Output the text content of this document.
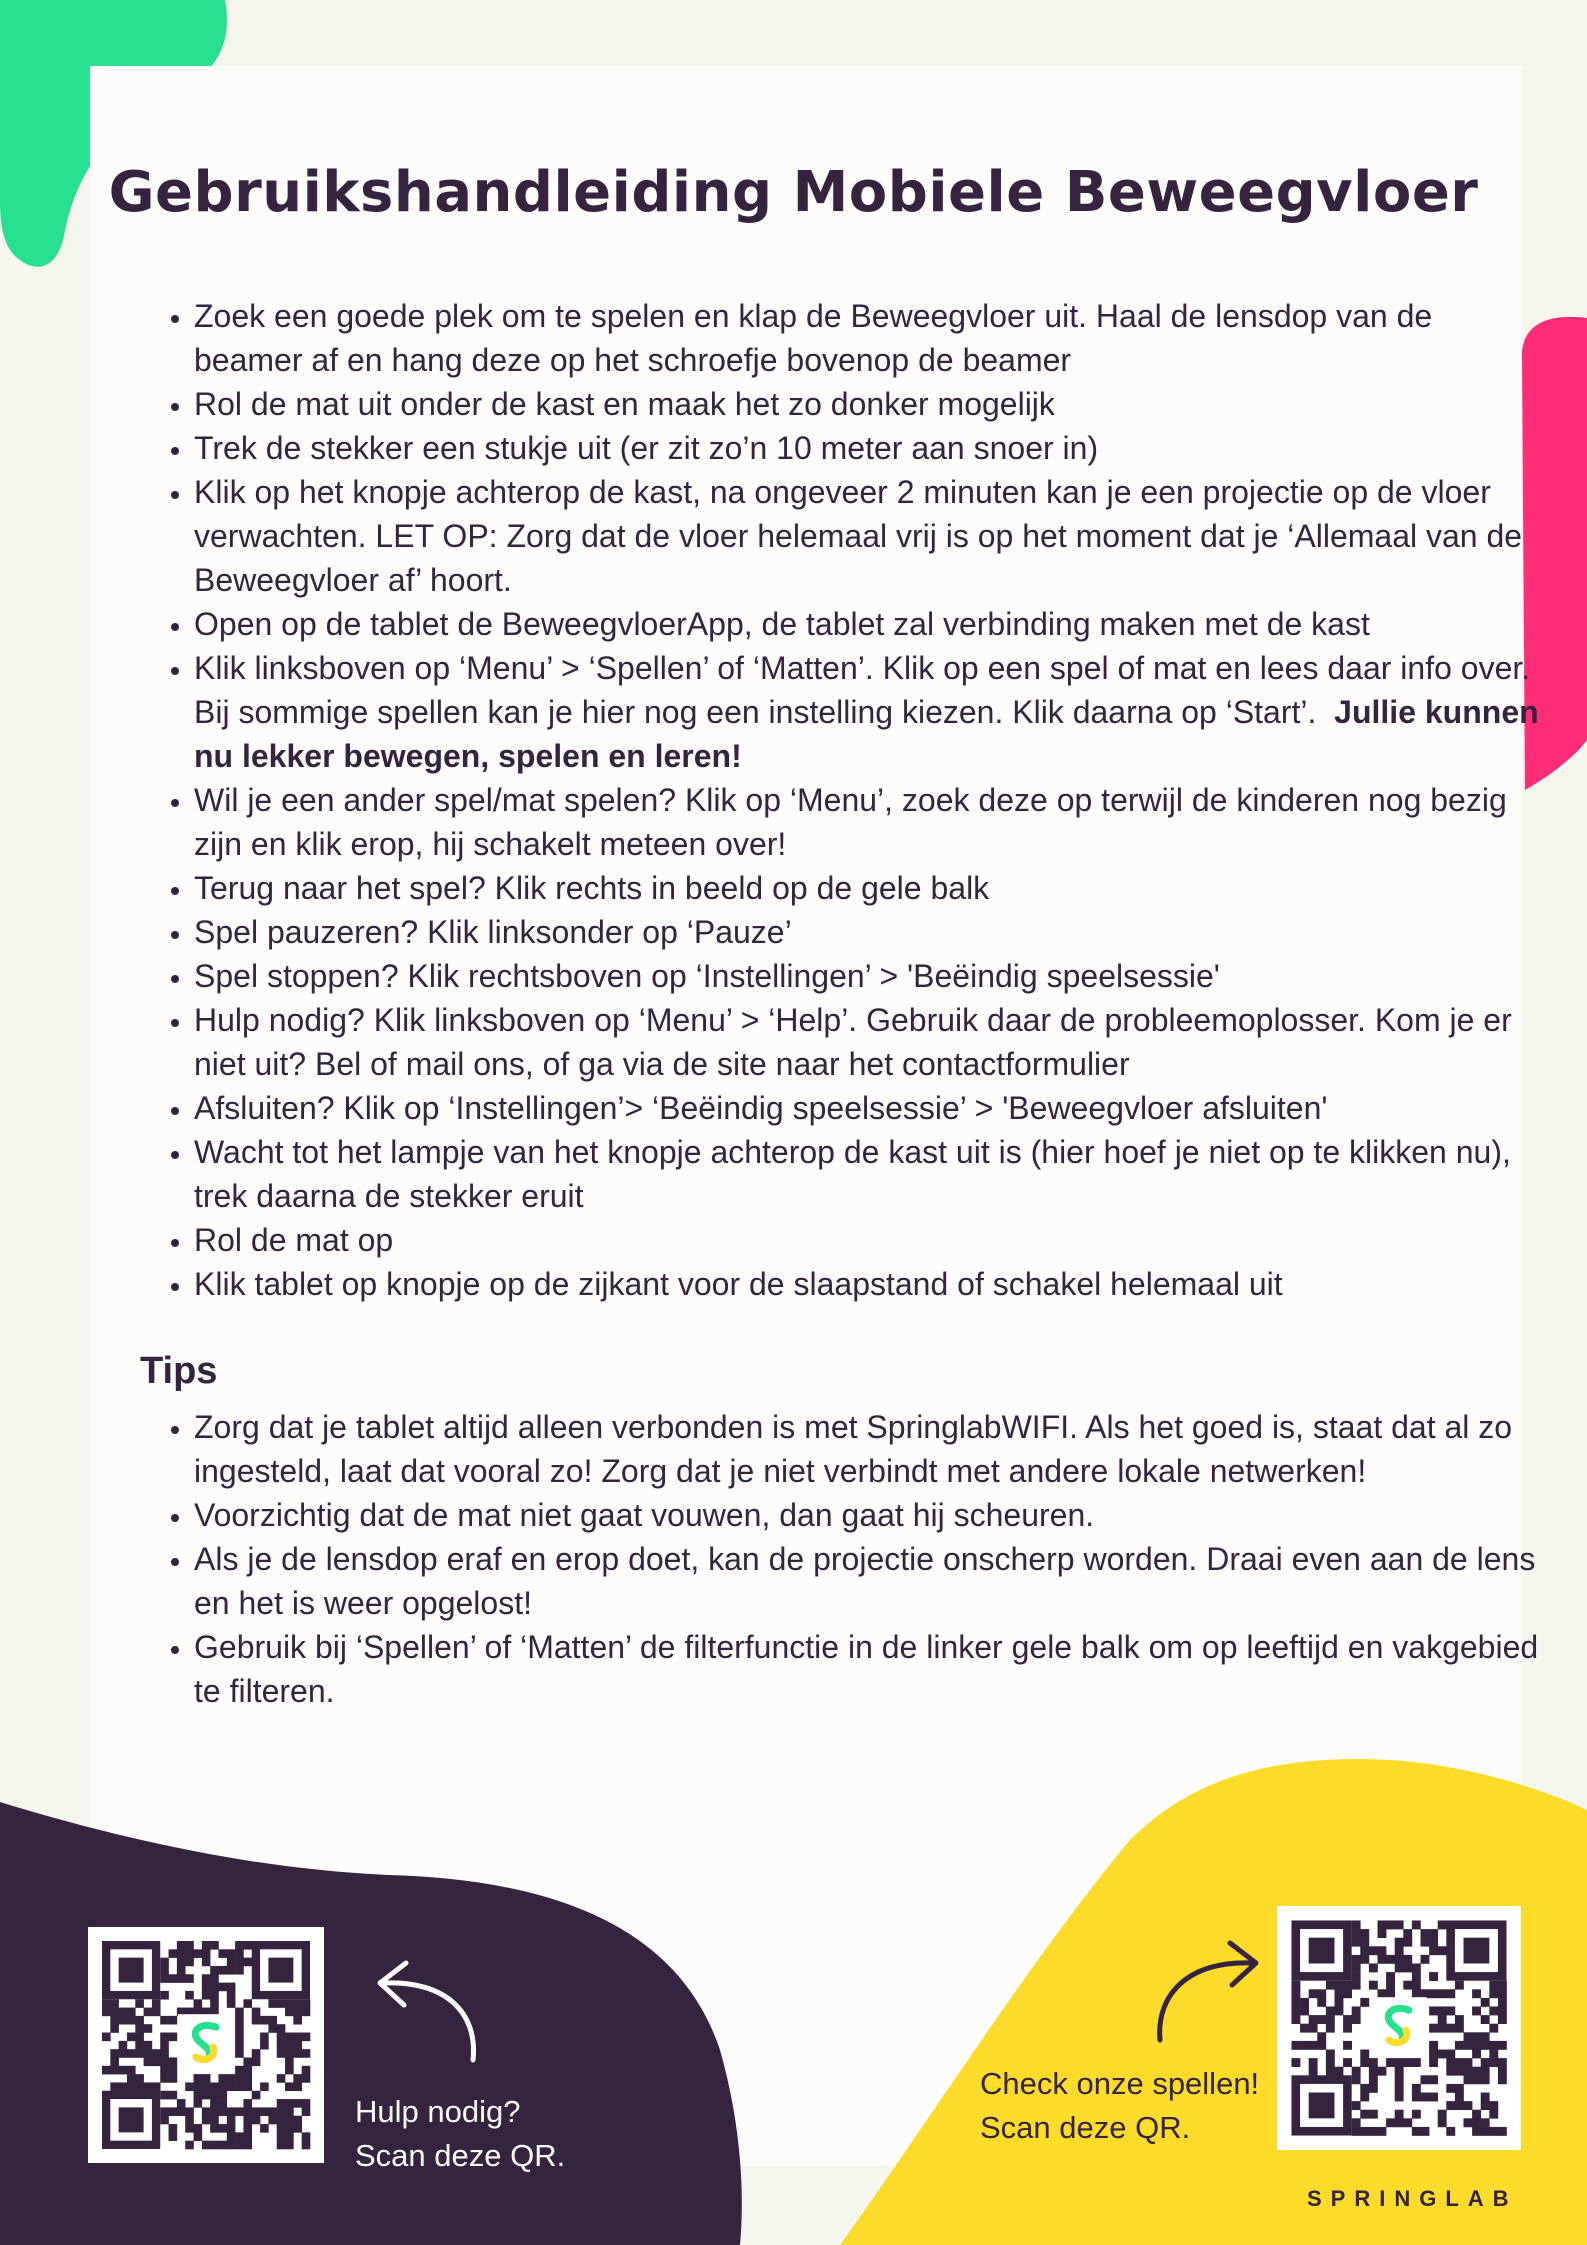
Gebruikshandleiding Mobiele Beweegvloer
• Zoek een goede plek om te spelen en klap de Beweegvloer uit. Haal de lensdop van de beamer af en hang deze op het schroefje bovenop de beamer
• Rol de mat uit onder de kast en maak het zo donker mogelijk
• Trek de stekker een stukje uit (er zit zo’n 10 meter aan snoer in)
• Klik op het knopje achterop de kast, na ongeveer 2 minuten kan je een projectie op de vloer verwachten. LET OP: Zorg dat de vloer helemaal vrij is op het moment dat je ‘Allemaal van de Beweegvloer af’ hoort.
• Open op de tablet de BeweegvloerApp, de tablet zal verbinding maken met de kast
• Klik linksboven op ‘Menu’ > ‘Spellen’ of ‘Matten’. Klik op een spel of mat en lees daar info over. Bij sommige spellen kan je hier nog een instelling kiezen. Klik daarna op ‘Start’. Jullie kunnen nu lekker bewegen, spelen en leren!
• Wil je een ander spel/mat spelen? Klik op ‘Menu’, zoek deze op terwijl de kinderen nog bezig zijn en klik erop, hij schakelt meteen over!
• Terug naar het spel? Klik rechts in beeld op de gele balk
• Spel pauzeren? Klik linksonder op ‘Pauze’
• Spel stoppen? Klik rechtsboven op ‘Instellingen’ > 'Beëindig speelsessie'
• Hulp nodig? Klik linksboven op ‘Menu’ > ‘Help’. Gebruik daar de probleemoplosser. Kom je er niet uit? Bel of mail ons, of ga via de site naar het contactformulier
• Afsluiten? Klik op ‘Instellingen’> ‘Beëindig speelsessie’ > 'Beweegvloer afsluiten'
• Wacht tot het lampje van het knopje achterop de kast uit is (hier hoef je niet op te klikken nu), trek daarna de stekker eruit
• Rol de mat op
• Klik tablet op knopje op de zijkant voor de slaapstand of schakel helemaal uit
Tips
• Zorg dat je tablet altijd alleen verbonden is met SpringlabWIFI. Als het goed is, staat dat al zo ingesteld, laat dat vooral zo! Zorg dat je niet verbindt met andere lokale netwerken!
• Voorzichtig dat de mat niet gaat vouwen, dan gaat hij scheuren.
• Als je de lensdop eraf en erop doet, kan de projectie onscherp worden. Draai even aan de lens en het is weer opgelost!
• Gebruik bij ‘Spellen’ of ‘Matten’ de filterfunctie in de linker gele balk om op leeftijd en vakgebied te filteren.
Hulp nodig?
Scan deze QR.
Check onze spellen!
Scan deze QR.
SPRINGLAB
